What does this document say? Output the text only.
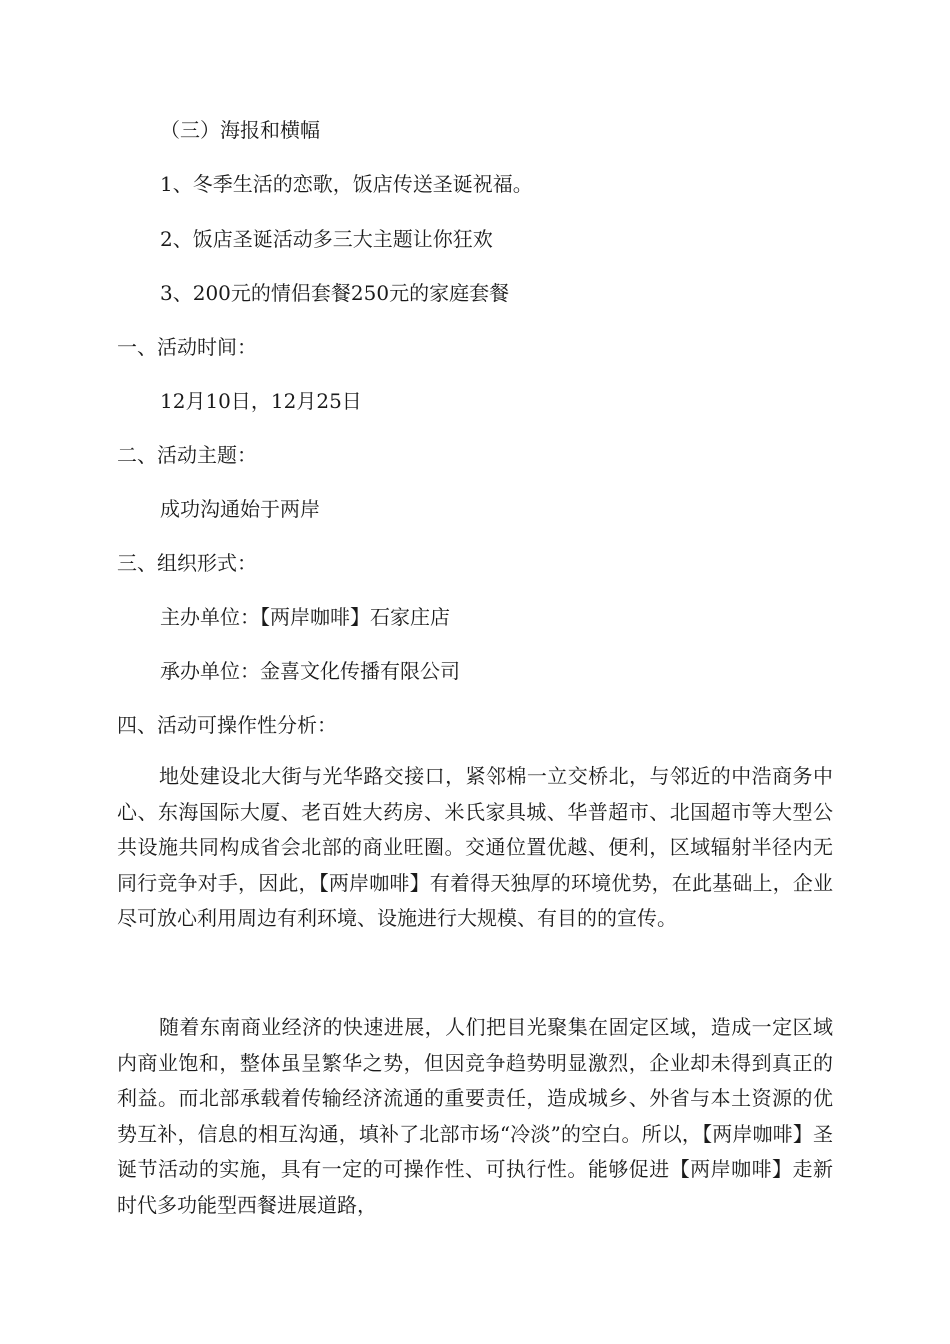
（三）海报和横幅
1、冬季生活的恋歌，饭店传送圣诞祝福。
2、饭店圣诞活动多三大主题让你狂欢
3、200元的情侣套餐250元的家庭套餐
一、活动时间：
12月10日，12月25日
二、活动主题：
成功沟通始于两岸
三、组织形式：
主办单位：【两岸咖啡】石家庄店
承办单位：金喜文化传播有限公司
四、活动可操作性分析：

地处建设北大街与光华路交接口，紧邻棉一立交桥北，与邻近的中浩商务中心、东海国际大厦、老百姓大药房、米氏家具城、华普超市、北国超市等大型公共设施共同构成省会北部的商业旺圈。交通位置优越、便利，区域辐射半径内无同行竞争对手，因此，【两岸咖啡】有着得天独厚的环境优势，在此基础上，企业尽可放心利用周边有利环境、设施进行大规模、有目的的宣传。

随着东南商业经济的快速进展，人们把目光聚集在固定区域，造成一定区域内商业饱和，整体虽呈繁华之势，但因竞争趋势明显激烈，企业却未得到真正的利益。而北部承载着传输经济流通的重要责任，造成城乡、外省与本土资源的优势互补，信息的相互沟通，填补了北部市场“冷淡”的空白。所以，【两岸咖啡】圣诞节活动的实施，具有一定的可操作性、可执行性。能够促进【两岸咖啡】走新时代多功能型西餐进展道路，
